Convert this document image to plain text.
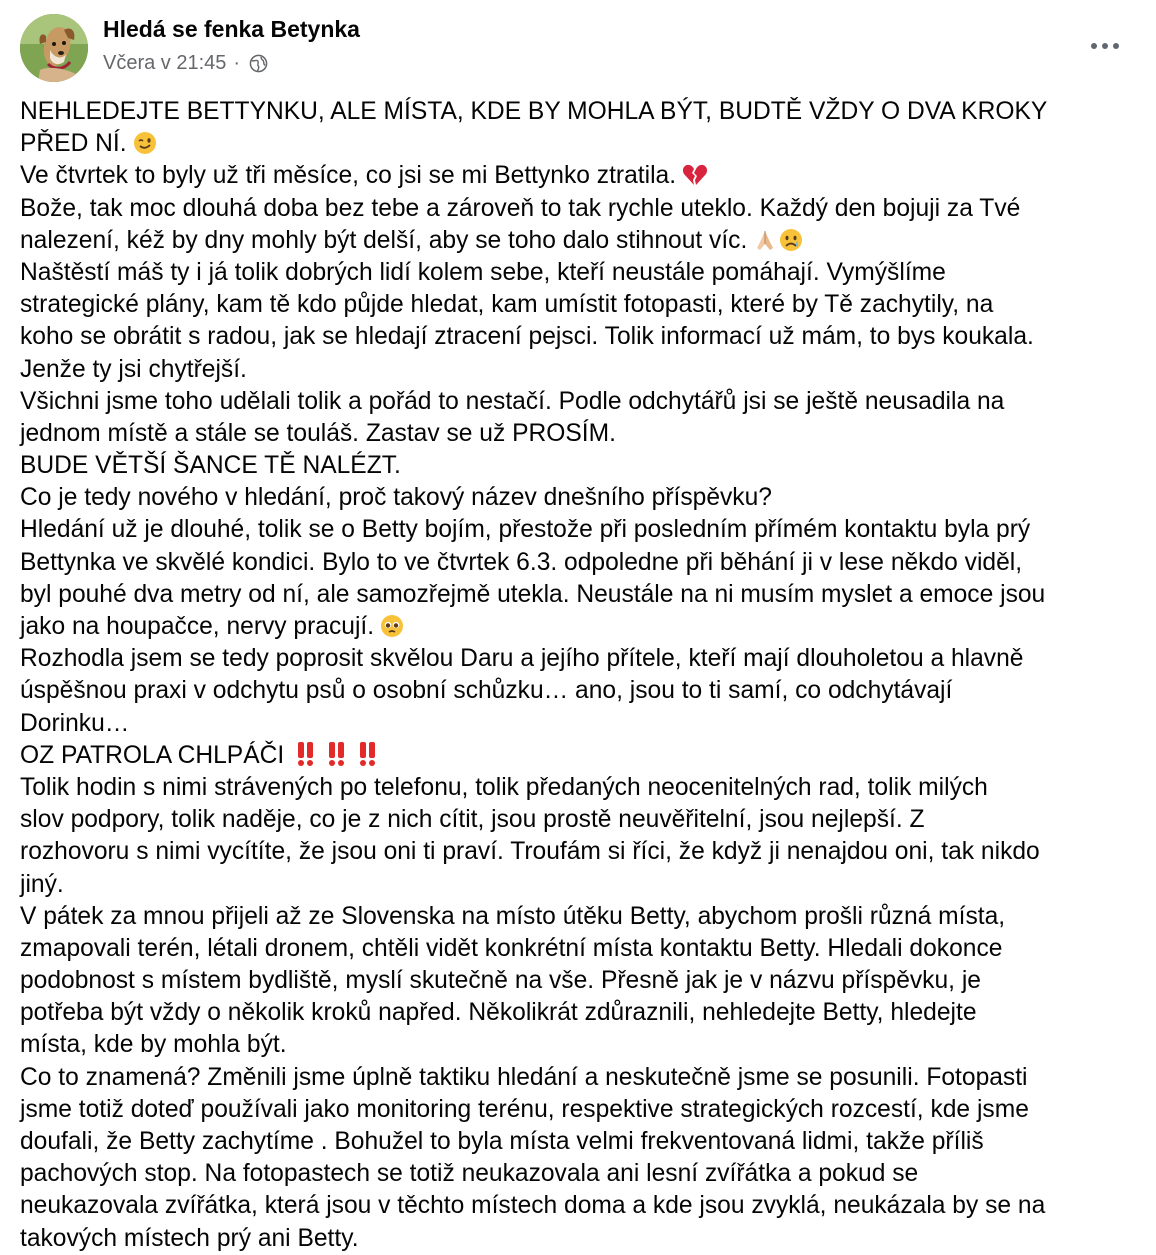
Hledá se fenka Betynka
Včera v 21:45 ·
NEHLEDEJTE BETTYNKU, ALE MÍSTA, KDE BY MOHLA BÝT, BUDTĚ VŽDY O DVA KROKY
PŘED NÍ.
Ve čtvrtek to byly už tři měsíce, co jsi se mi Bettynko ztratila.
Bože, tak moc dlouhá doba bez tebe a zároveň to tak rychle uteklo. Každý den bojuji za Tvé
nalezení, kéž by dny mohly být delší, aby se toho dalo stihnout víc.
Naštěstí máš ty i já tolik dobrých lidí kolem sebe, kteří neustále pomáhají. Vymýšlíme
strategické plány, kam tě kdo půjde hledat, kam umístit fotopasti, které by Tě zachytily, na
koho se obrátit s radou, jak se hledají ztracení pejsci. Tolik informací už mám, to bys koukala.
Jenže ty jsi chytřejší.
Všichni jsme toho udělali tolik a pořád to nestačí. Podle odchytářů jsi se ještě neusadila na
jednom místě a stále se touláš. Zastav se už PROSÍM.
BUDE VĚTŠÍ ŠANCE TĚ NALÉZT.
Co je tedy nového v hledání, proč takový název dnešního příspěvku?
Hledání už je dlouhé, tolik se o Betty bojím, přestože při posledním přímém kontaktu byla prý
Bettynka ve skvělé kondici. Bylo to ve čtvrtek 6.3. odpoledne při běhání ji v lese někdo viděl,
byl pouhé dva metry od ní, ale samozřejmě utekla. Neustále na ni musím myslet a emoce jsou
jako na houpačce, nervy pracují.
Rozhodla jsem se tedy poprosit skvělou Daru a jejího přítele, kteří mají dlouholetou a hlavně
úspěšnou praxi v odchytu psů o osobní schůzku… ano, jsou to ti samí, co odchytávají
Dorinku…
OZ PATROLA CHLPÁČI
Tolik hodin s nimi strávených po telefonu, tolik předaných neocenitelných rad, tolik milých
slov podpory, tolik naděje, co je z nich cítit, jsou prostě neuvěřitelní, jsou nejlepší. Z
rozhovoru s nimi vycítíte, že jsou oni ti praví. Troufám si říci, že když ji nenajdou oni, tak nikdo
jiný.
V pátek za mnou přijeli až ze Slovenska na místo útěku Betty, abychom prošli různá místa,
zmapovali terén, létali dronem, chtěli vidět konkrétní místa kontaktu Betty. Hledali dokonce
podobnost s místem bydliště, myslí skutečně na vše. Přesně jak je v názvu příspěvku, je
potřeba být vždy o několik kroků napřed. Několikrát zdůraznili, nehledejte Betty, hledejte
místa, kde by mohla být.
Co to znamená? Změnili jsme úplně taktiku hledání a neskutečně jsme se posunili. Fotopasti
jsme totiž doteď používali jako monitoring terénu, respektive strategických rozcestí, kde jsme
doufali, že Betty zachytíme . Bohužel to byla místa velmi frekventovaná lidmi, takže příliš
pachových stop. Na fotopastech se totiž neukazovala ani lesní zvířátka a pokud se
neukazovala zvířátka, která jsou v těchto místech doma a kde jsou zvyklá, neukázala by se na
takových místech prý ani Betty.
